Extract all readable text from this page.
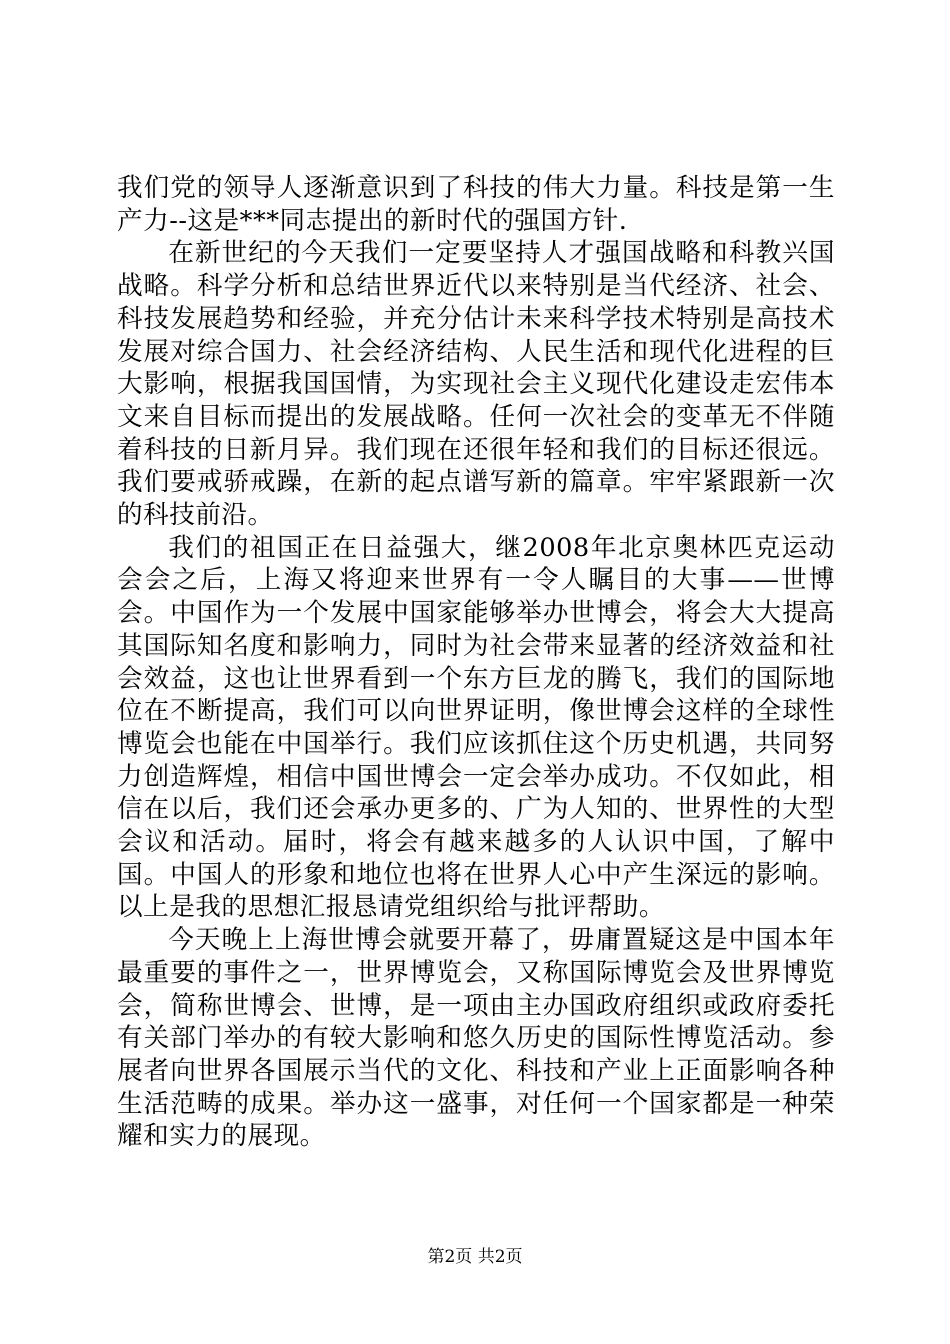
我们党的领导人逐渐意识到了科技的伟大力量。科技是第一生产力--这是***同志提出的新时代的强国方针.

在新世纪的今天我们一定要坚持人才强国战略和科教兴国战略。科学分析和总结世界近代以来特别是当代经济、社会、科技发展趋势和经验，并充分估计未来科学技术特别是高技术发展对综合国力、社会经济结构、人民生活和现代化进程的巨大影响，根据我国国情，为实现社会主义现代化建设走宏伟本文来自目标而提出的发展战略。任何一次社会的变革无不伴随着科技的日新月异。我们现在还很年轻和我们的目标还很远。我们要戒骄戒躁，在新的起点谱写新的篇章。牢牢紧跟新一次的科技前沿。

我们的祖国正在日益强大，继2008年北京奥林匹克运动会会之后，上海又将迎来世界有一令人瞩目的大事——世博会。中国作为一个发展中国家能够举办世博会，将会大大提高其国际知名度和影响力，同时为社会带来显著的经济效益和社会效益，这也让世界看到一个东方巨龙的腾飞，我们的国际地位在不断提高，我们可以向世界证明，像世博会这样的全球性博览会也能在中国举行。我们应该抓住这个历史机遇，共同努力创造辉煌，相信中国世博会一定会举办成功。不仅如此，相信在以后，我们还会承办更多的、广为人知的、世界性的大型会议和活动。届时，将会有越来越多的人认识中国，了解中国。中国人的形象和地位也将在世界人心中产生深远的影响。以上是我的思想汇报恳请党组织给与批评帮助。

今天晚上上海世博会就要开幕了，毋庸置疑这是中国本年最重要的事件之一，世界博览会，又称国际博览会及世界博览会，简称世博会、世博，是一项由主办国政府组织或政府委托有关部门举办的有较大影响和悠久历史的国际性博览活动。参展者向世界各国展示当代的文化、科技和产业上正面影响各种生活范畴的成果。举办这一盛事，对任何一个国家都是一种荣耀和实力的展现。

第2页 共2页
